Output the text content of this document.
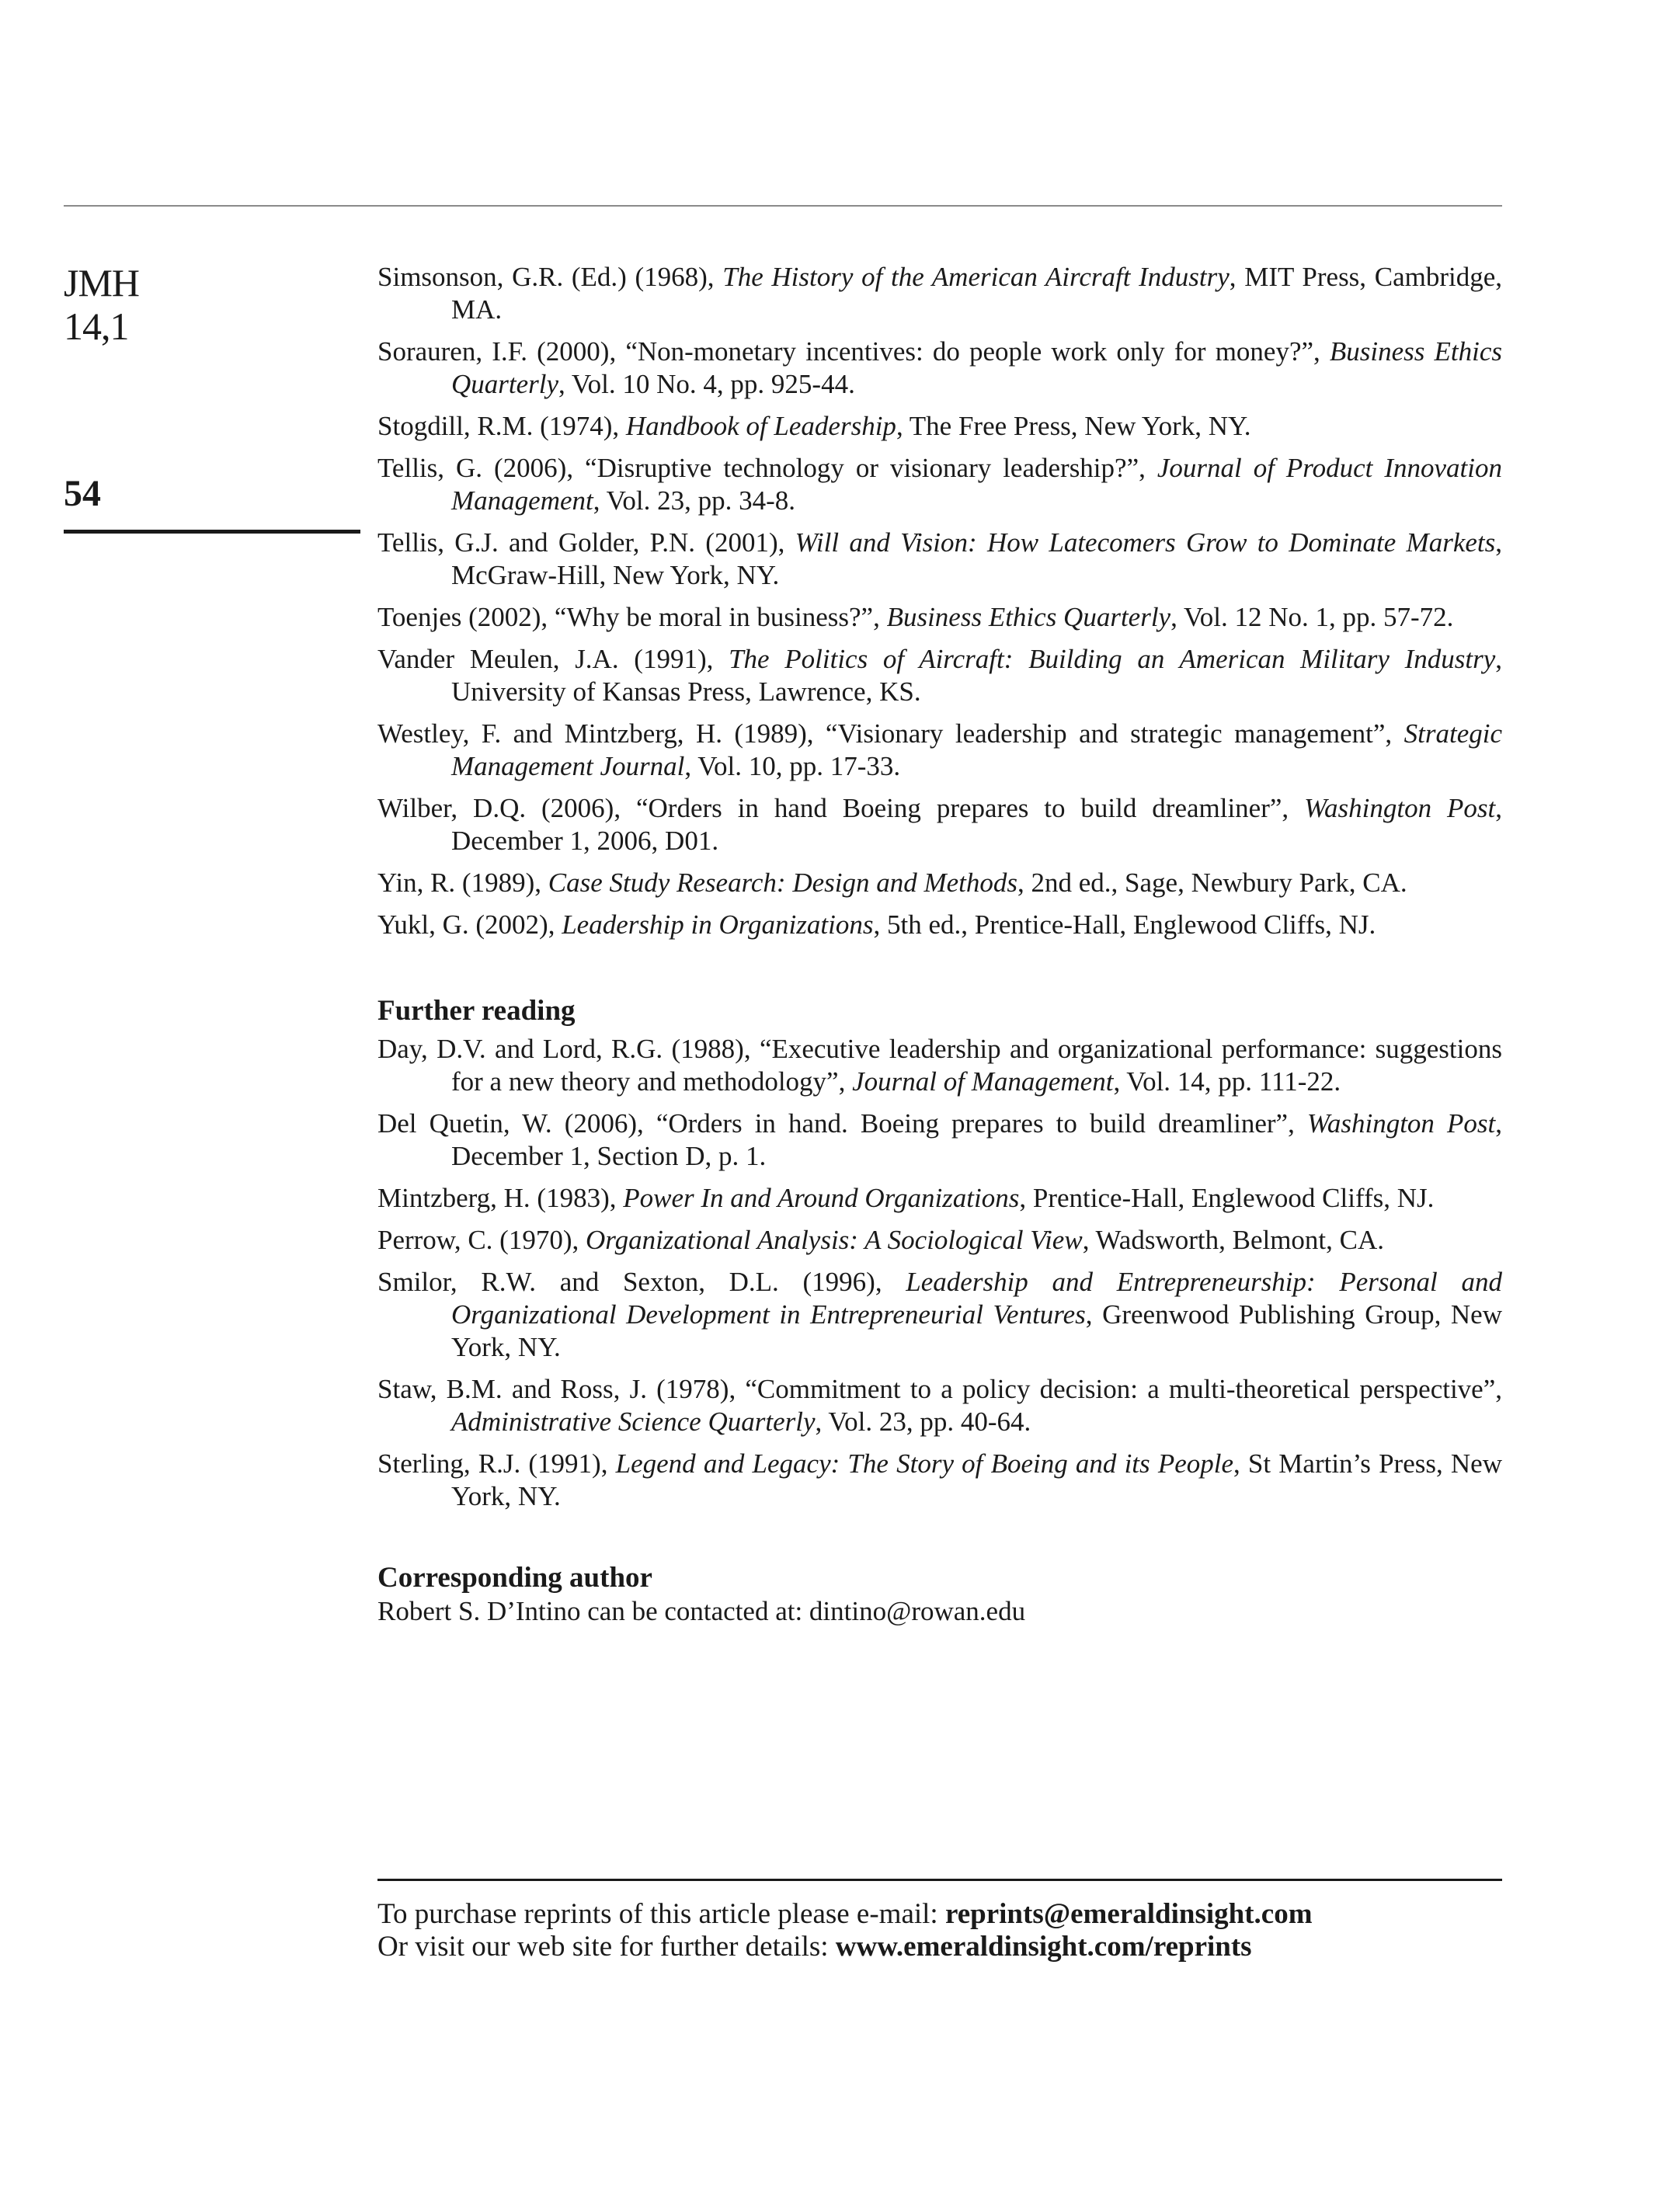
JMH
14,1
54

Simsonson, G.R. (Ed.) (1968), The History of the American Aircraft Industry, MIT Press, Cambridge, MA.

Sorauren, I.F. (2000), “Non-monetary incentives: do people work only for money?”, Business Ethics Quarterly, Vol. 10 No. 4, pp. 925-44.

Stogdill, R.M. (1974), Handbook of Leadership, The Free Press, New York, NY.

Tellis, G. (2006), “Disruptive technology or visionary leadership?”, Journal of Product Innovation Management, Vol. 23, pp. 34-8.

Tellis, G.J. and Golder, P.N. (2001), Will and Vision: How Latecomers Grow to Dominate Markets, McGraw-Hill, New York, NY.

Toenjes (2002), “Why be moral in business?”, Business Ethics Quarterly, Vol. 12 No. 1, pp. 57-72.

Vander Meulen, J.A. (1991), The Politics of Aircraft: Building an American Military Industry, University of Kansas Press, Lawrence, KS.

Westley, F. and Mintzberg, H. (1989), “Visionary leadership and strategic management”, Strategic Management Journal, Vol. 10, pp. 17-33.

Wilber, D.Q. (2006), “Orders in hand Boeing prepares to build dreamliner”, Washington Post, December 1, 2006, D01.

Yin, R. (1989), Case Study Research: Design and Methods, 2nd ed., Sage, Newbury Park, CA.

Yukl, G. (2002), Leadership in Organizations, 5th ed., Prentice-Hall, Englewood Cliffs, NJ.

Further reading

Day, D.V. and Lord, R.G. (1988), “Executive leadership and organizational performance: suggestions for a new theory and methodology”, Journal of Management, Vol. 14, pp. 111-22.

Del Quetin, W. (2006), “Orders in hand. Boeing prepares to build dreamliner”, Washington Post, December 1, Section D, p. 1.

Mintzberg, H. (1983), Power In and Around Organizations, Prentice-Hall, Englewood Cliffs, NJ.

Perrow, C. (1970), Organizational Analysis: A Sociological View, Wadsworth, Belmont, CA.

Smilor, R.W. and Sexton, D.L. (1996), Leadership and Entrepreneurship: Personal and Organizational Development in Entrepreneurial Ventures, Greenwood Publishing Group, New York, NY.

Staw, B.M. and Ross, J. (1978), “Commitment to a policy decision: a multi-theoretical perspective”, Administrative Science Quarterly, Vol. 23, pp. 40-64.

Sterling, R.J. (1991), Legend and Legacy: The Story of Boeing and its People, St Martin’s Press, New York, NY.

Corresponding author

Robert S. D’Intino can be contacted at: dintino@rowan.edu

To purchase reprints of this article please e-mail: reprints@emeraldinsight.com
Or visit our web site for further details: www.emeraldinsight.com/reprints
